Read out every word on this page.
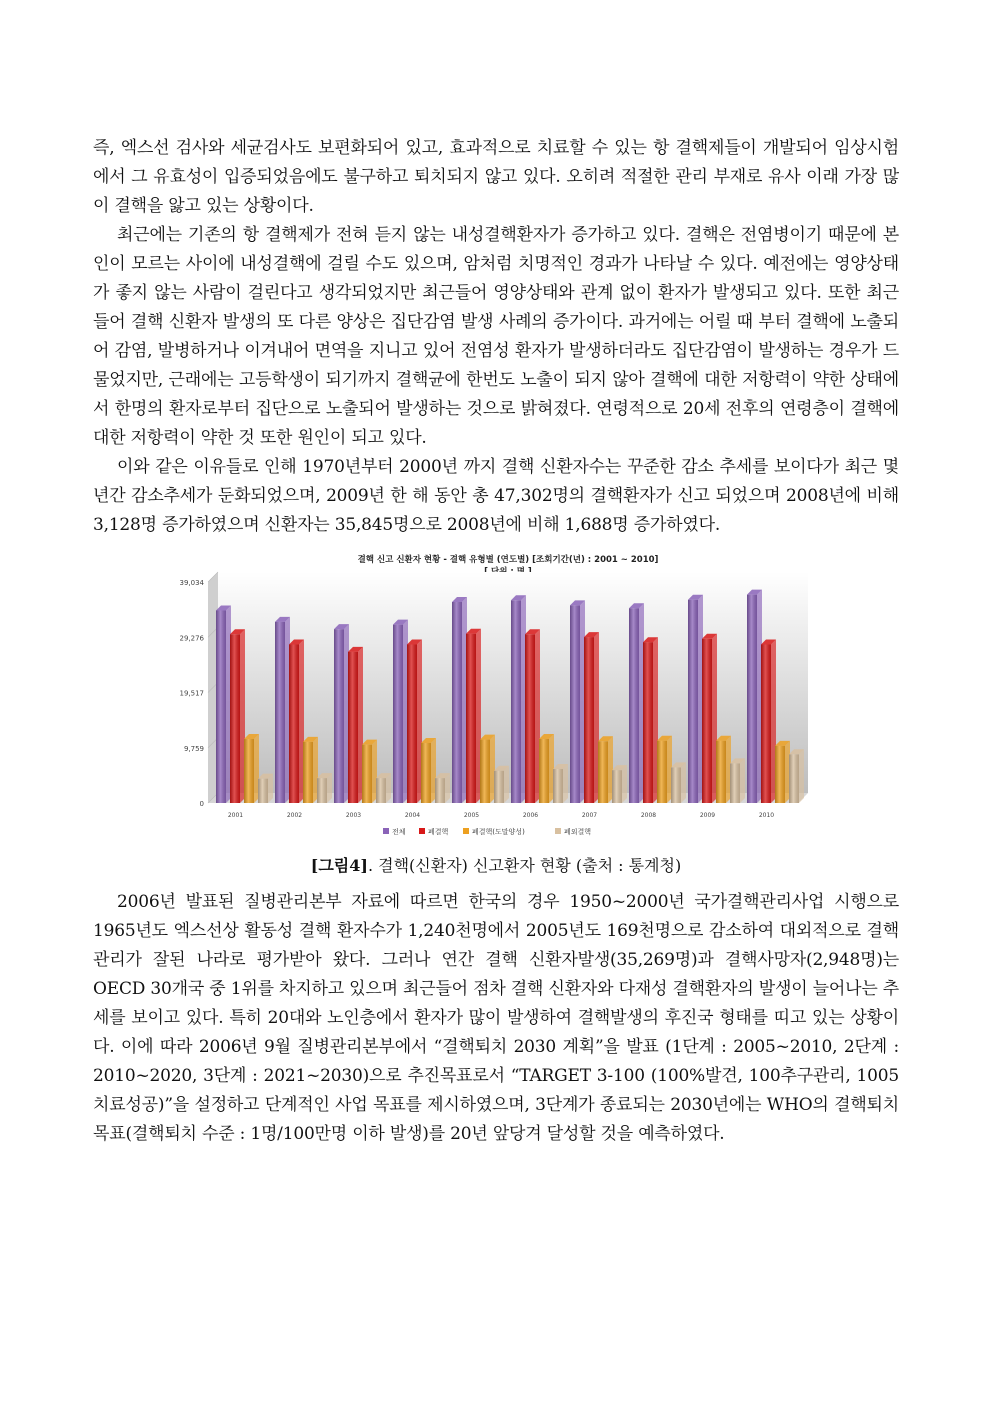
즉, 엑스선 검사와 세균검사도 보편화되어 있고, 효과적으로 치료할 수 있는 항 결핵제들이 개발되어 임상시험에서 그 유효성이 입증되었음에도 불구하고 퇴치되지 않고 있다. 오히려 적절한 관리 부재로 유사 이래 가장 많이 결핵을 앓고 있는 상황이다.

최근에는 기존의 항 결핵제가 전혀 듣지 않는 내성결핵환자가 증가하고 있다. 결핵은 전염병이기 때문에 본인이 모르는 사이에 내성결핵에 걸릴 수도 있으며, 암처럼 치명적인 경과가 나타날 수 있다. 예전에는 영양상태가 좋지 않는 사람이 걸린다고 생각되었지만 최근들어 영양상태와 관계 없이 환자가 발생되고 있다. 또한 최근 들어 결핵 신환자 발생의 또 다른 양상은 집단감염 발생 사례의 증가이다. 과거에는 어릴 때 부터 결핵에 노출되어 감염, 발병하거나 이겨내어 면역을 지니고 있어 전염성 환자가 발생하더라도 집단감염이 발생하는 경우가 드물었지만, 근래에는 고등학생이 되기까지 결핵균에 한번도 노출이 되지 않아 결핵에 대한 저항력이 약한 상태에서 한명의 환자로부터 집단으로 노출되어 발생하는 것으로 밝혀졌다. 연령적으로 20세 전후의 연령층이 결핵에 대한 저항력이 약한 것 또한 원인이 되고 있다.

이와 같은 이유들로 인해 1970년부터 2000년 까지 결핵 신환자수는 꾸준한 감소 추세를 보이다가 최근 몇 년간 감소추세가 둔화되었으며, 2009년 한 해 동안 총 47,302명의 결핵환자가 신고 되었으며 2008년에 비해 3,128명 증가하였으며 신환자는 35,845명으로 2008년에 비해 1,688명 증가하였다.

결핵 신고 신환자 현황 - 결핵 유형별 (연도별) [조회기간(년) : 2001 ~ 2010]
0
9,759
19,517
29,276
39,034
2001	2002	2003	2004	2005	2006	2007	2008	2009	2010
전체	폐결핵	폐결핵(도말양성)	폐외결핵
[그림4]. 결핵(신환자) 신고환자 현황 (출처 : 통계청)

2006년 발표된 질병관리본부 자료에 따르면 한국의 경우 1950~2000년 국가결핵관리사업 시행으로 1965년도 엑스선상 활동성 결핵 환자수가 1,240천명에서 2005년도 169천명으로 감소하여 대외적으로 결핵관리가 잘된 나라로 평가받아 왔다. 그러나 연간 결핵 신환자발생(35,269명)과 결핵사망자(2,948명)는 OECD 30개국 중 1위를 차지하고 있으며 최근들어 점차 결핵 신환자와 다재성 결핵환자의 발생이 늘어나는 추세를 보이고 있다. 특히 20대와 노인층에서 환자가 많이 발생하여 결핵발생의 후진국 형태를 띠고 있는 상황이다. 이에 따라 2006년 9월 질병관리본부에서 “결핵퇴치 2030 계획”을 발표 (1단계 : 2005~2010, 2단계 : 2010~2020, 3단계 : 2021~2030)으로 추진목표로서 “TARGET 3-100 (100%발견, 100추구관리, 1005치료성공)”을 설정하고 단계적인 사업 목표를 제시하였으며, 3단계가 종료되는 2030년에는 WHO의 결핵퇴치목표(결핵퇴치 수준 : 1명/100만명 이하 발생)를 20년 앞당겨 달성할 것을 예측하였다.
